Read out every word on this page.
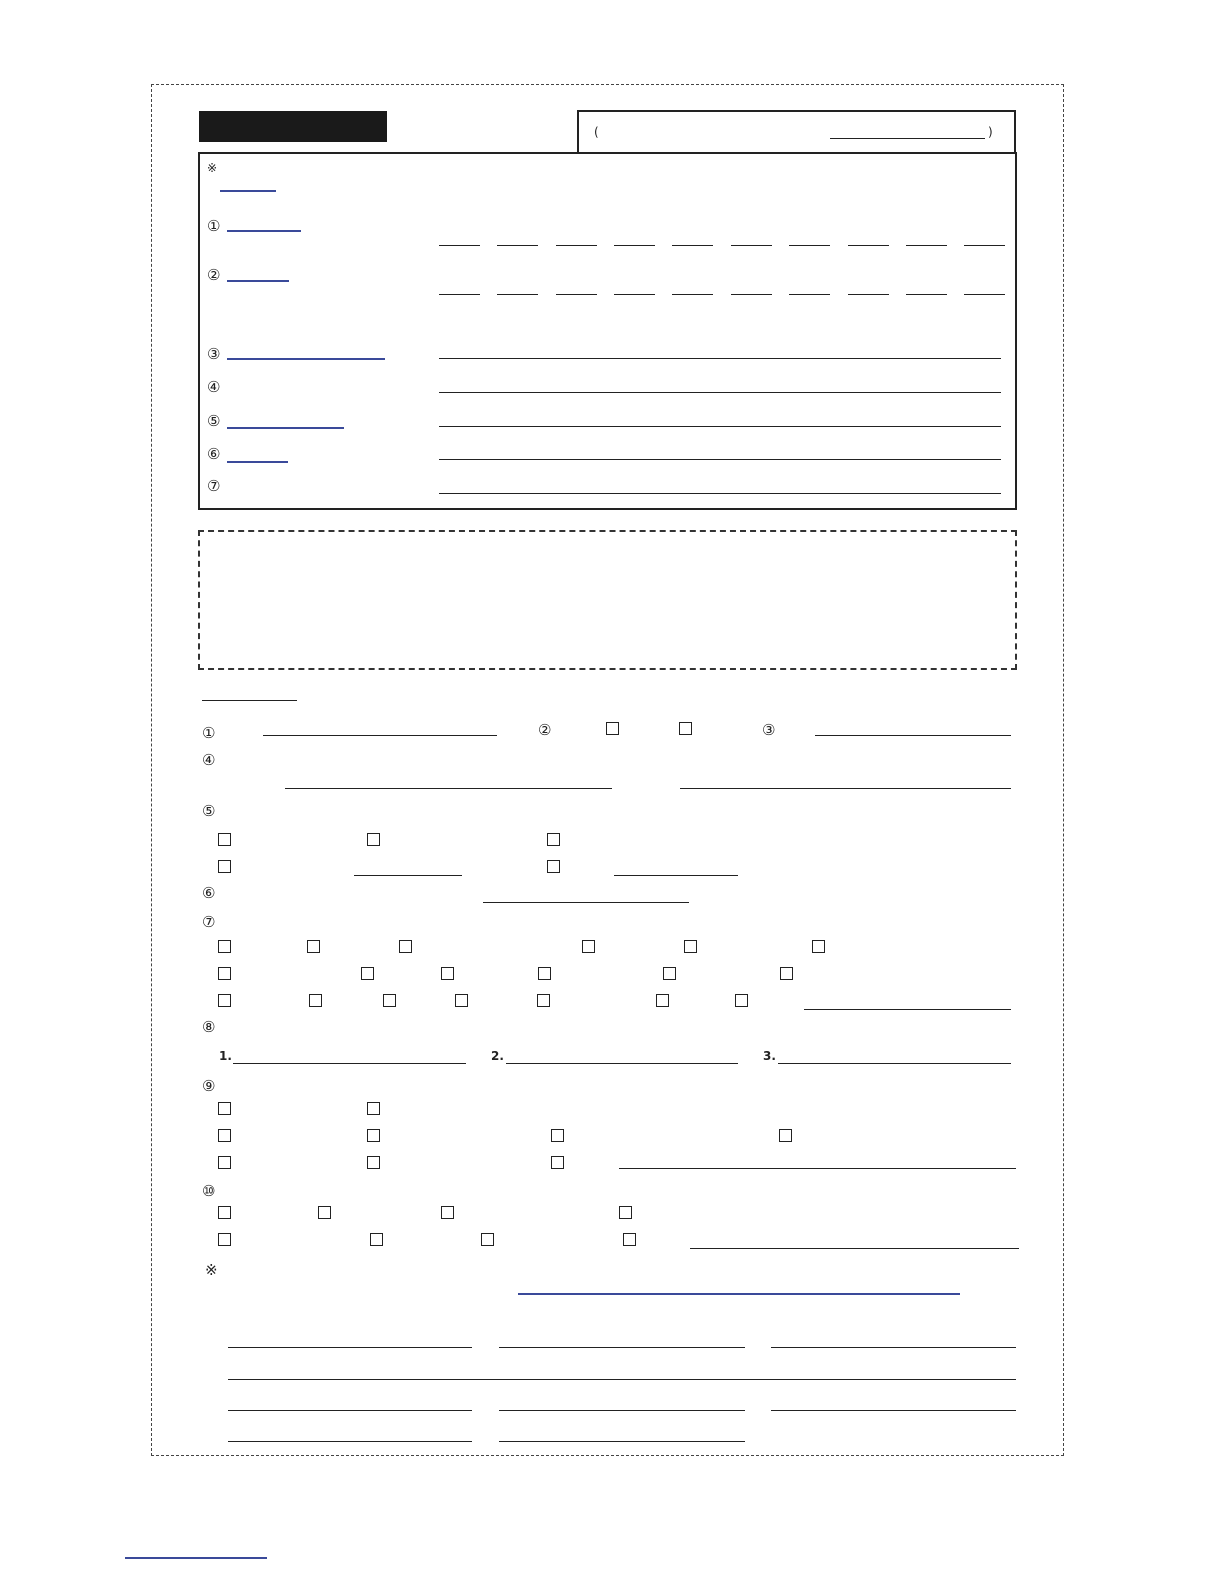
(	)
※
①
②
③
④
⑤
⑥
⑦
①	②	③
④
⑤
⑥
⑦
⑧
1.	2.	3.
⑨
⑩
※
